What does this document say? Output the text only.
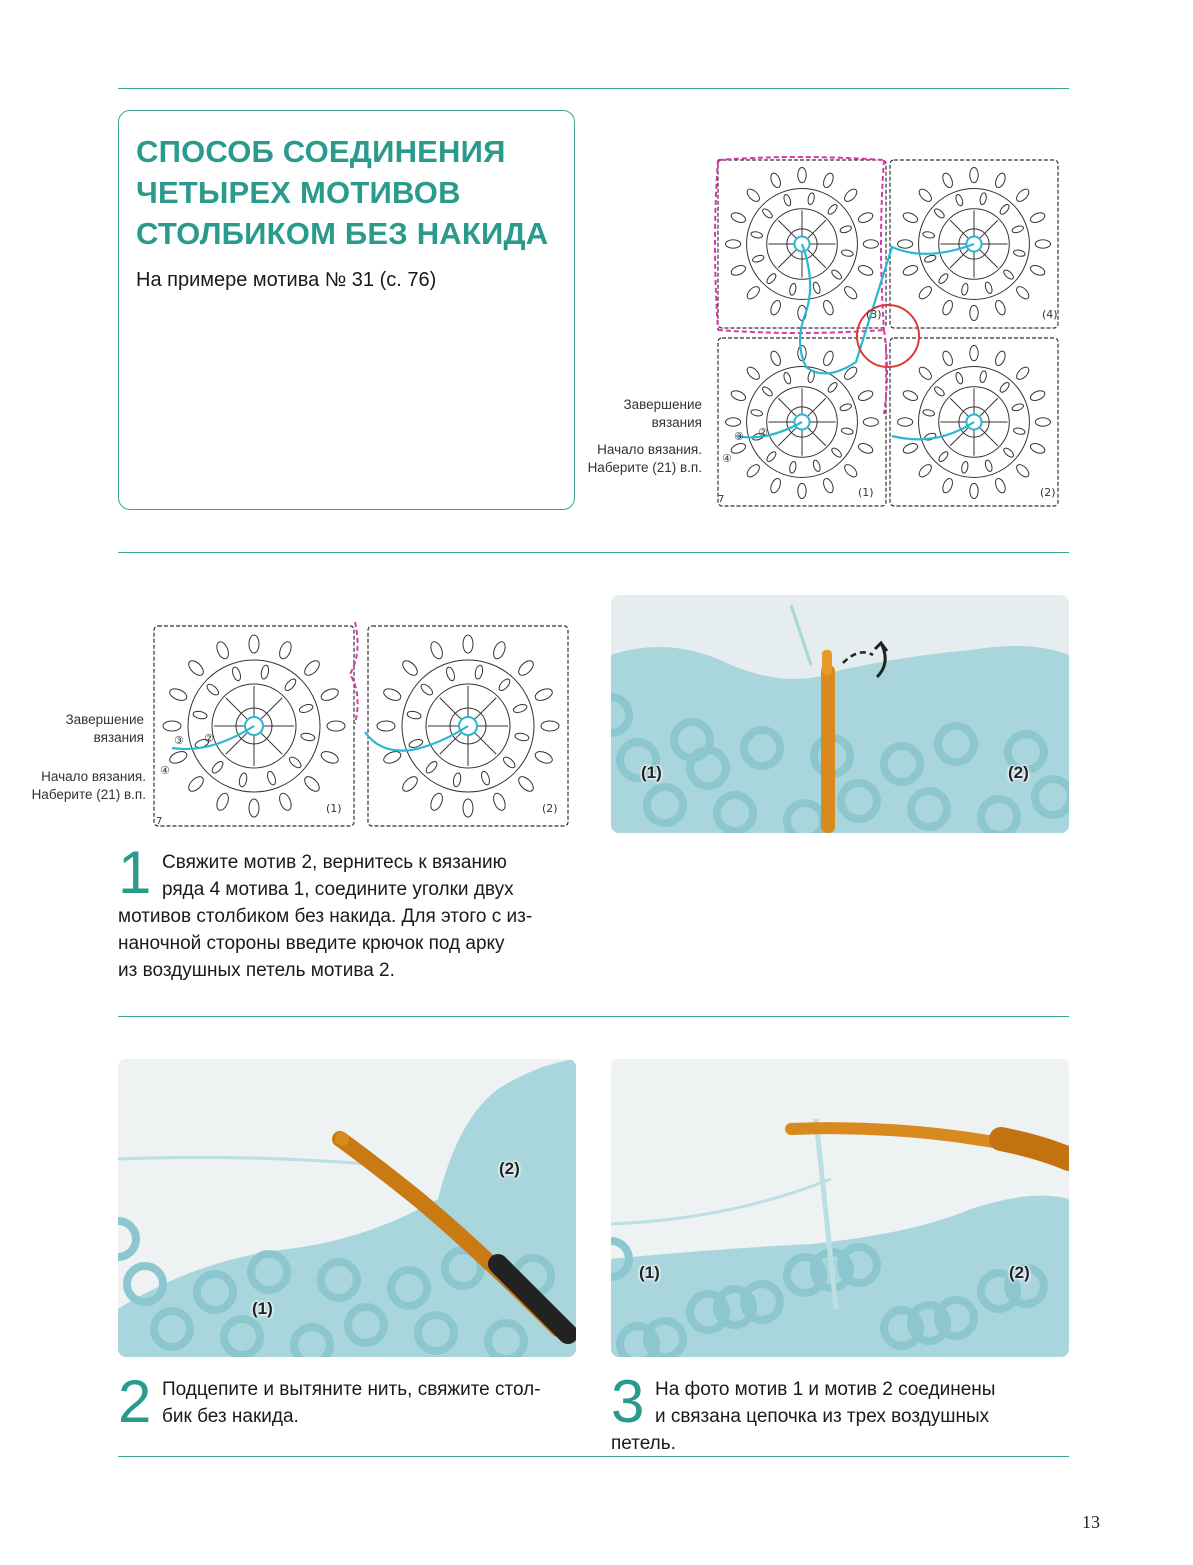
СПОСОБ СОЕДИНЕНИЯ
ЧЕТЫРЕХ МОТИВОВ
СТОЛБИКОМ БЕЗ НАКИДА
На примере мотива № 31 (с. 76)
Завершение
вязания
Начало вязания.
Наберите (21) в.п.
(3)	(4)
(1)	(2)
③ ②
④
7
Завершение
вязания
Начало вязания.
Наберите (21) в.п.
(1)	(2)
③ ②
④
7
(1)	(2)
1 Свяжите мотив 2, вернитесь к вязанию
ряда 4 мотива 1, соедините уголки двух
мотивов столбиком без накида. Для этого с из-
наночной стороны введите крючок под арку
из воздушных петель мотива 2.
(2)
(1)
(1)	(2)
2 Подцепите и вытяните нить, свяжите стол-
бик без накида.	3 На фото мотив 1 и мотив 2 соединены
и связана цепочка из трех воздушных
петель.
13
